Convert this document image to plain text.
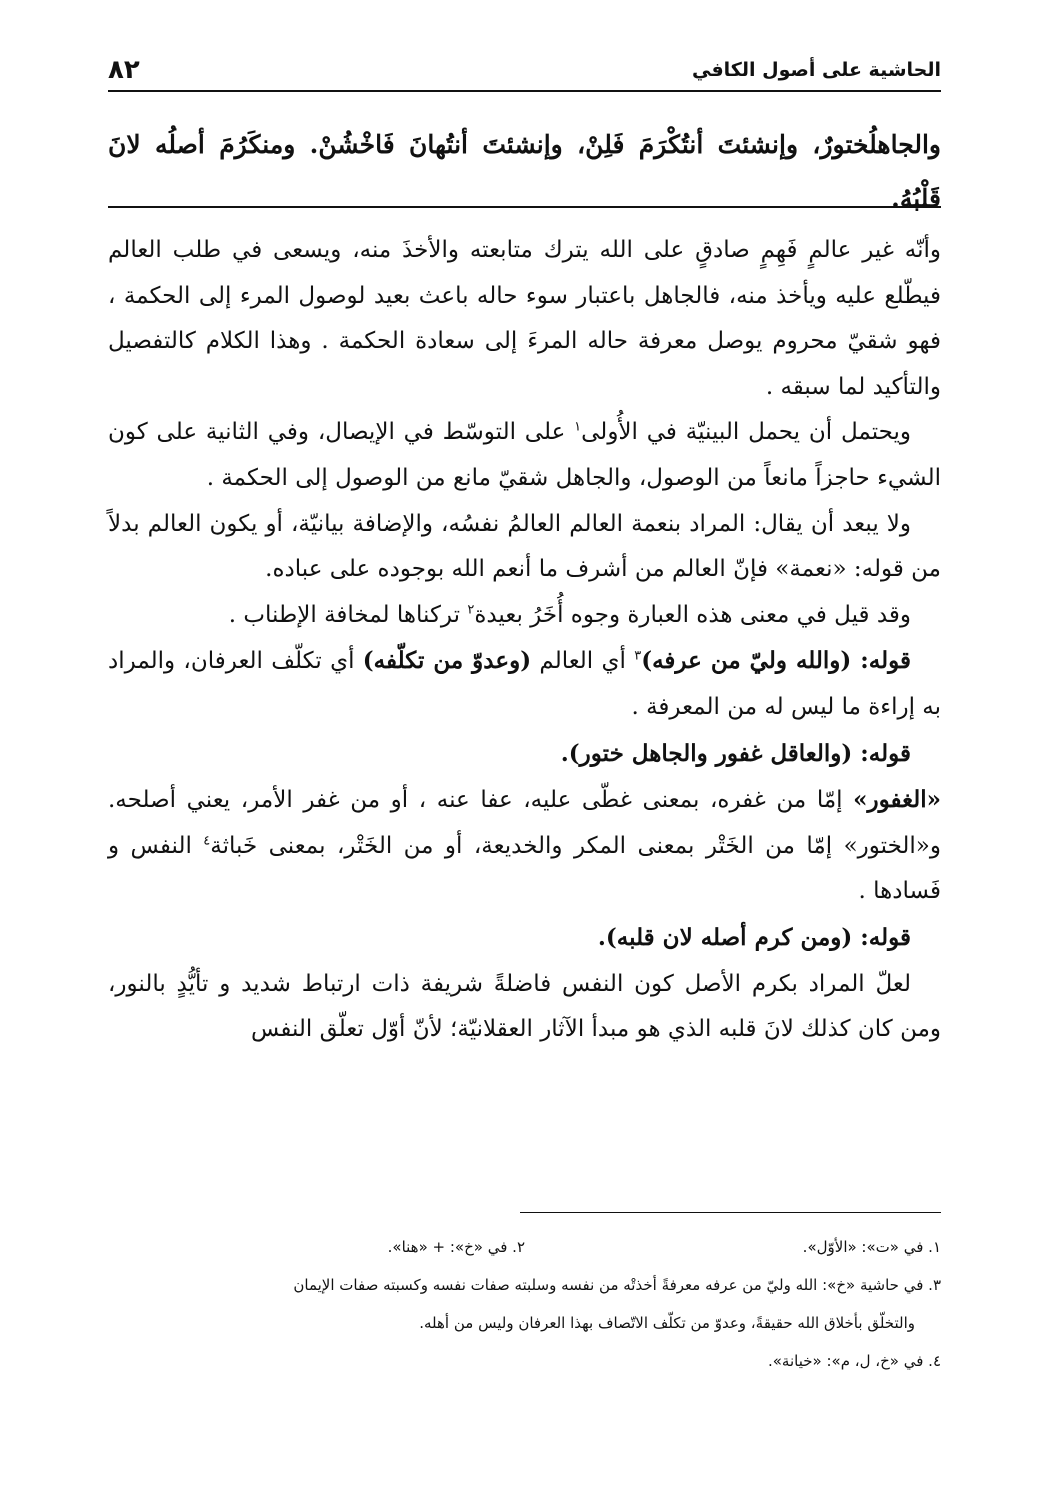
الحاشية على أصول الكافي
٨٢
والجاهلُختورٌ، وإنشئتَ أنتُكْرَمَ فَلِنْ، وإنشئتَ أنتُهانَ فَاخْشُنْ. ومنكَرُمَ أصلُه لانَ قَلْبُهُ.

وأنّه غير عالمٍ فَهِمٍ صادقٍ على الله يترك متابعته والأخذَ منه، ويسعى في طلب العالم فيطّلع عليه ويأخذ منه، فالجاهل باعتبار سوء حاله باعث بعيد لوصول المرء إلى الحكمة ، فهو شقيّ محروم يوصل معرفة حاله المرءَ إلى سعادة الحكمة . وهذا الكلام كالتفصيل والتأكيد لما سبقه .

ويحتمل أن يحمل البينيّة في الأُولى$^١$ على التوسّط في الإيصال، وفي الثانية على كون الشيء حاجزاً مانعاً من الوصول، والجاهل شقيّ مانع من الوصول إلى الحكمة .

ولا يبعد أن يقال: المراد بنعمة العالم العالمُ نفسُه، والإضافة بيانيّة، أو يكون العالم بدلاً من قوله: «نعمة» فإنّ العالم من أشرف ما أنعم الله بوجوده على عباده.

وقد قيل في معنى هذه العبارة وجوه أُخَرُ بعيدة$^٢$ تركناها لمخافة الإطناب .

قوله: (والله وليّ من عرفه)$^٣$ أي العالم (وعدوّ من تكلّفه) أي تكلّف العرفان، والمراد به إراءة ما ليس له من المعرفة .

قوله: (والعاقل غفور والجاهل ختور).

«الغفور» إمّا من غفره، بمعنى غطّى عليه، عفا عنه ، أو من غفر الأمر، يعني أصلحه. و«الختور» إمّا من الخَتْر بمعنى المكر والخديعة، أو من الخَتْر، بمعنى خَباثة$^٤$ النفس و فَسادها .

قوله: (ومن كرم أصله لان قلبه).

لعلّ المراد بكرم الأصل كون النفس فاضلةً شريفة ذات ارتباط شديد و تأيُّدٍ بالنور، ومن كان كذلك لانَ قلبه الذي هو مبدأ الآثار العقلانيّة؛ لأنّ أوّل تعلّق النفس

١. في «ت»: «الأوّل».
٢. في «خ»: + «هنا».

٣. في حاشية «خ»: الله وليّ من عرفه معرفةً أخذتْه من نفسه وسلبته صفات نفسه وكسبته صفات الإيمان

والتخلّق بأخلاق الله حقيقةً، وعدوّ من تكلّف الاتّصاف بهذا العرفان وليس من أهله.

٤. في «خ، ل، م»: «خيانة».
